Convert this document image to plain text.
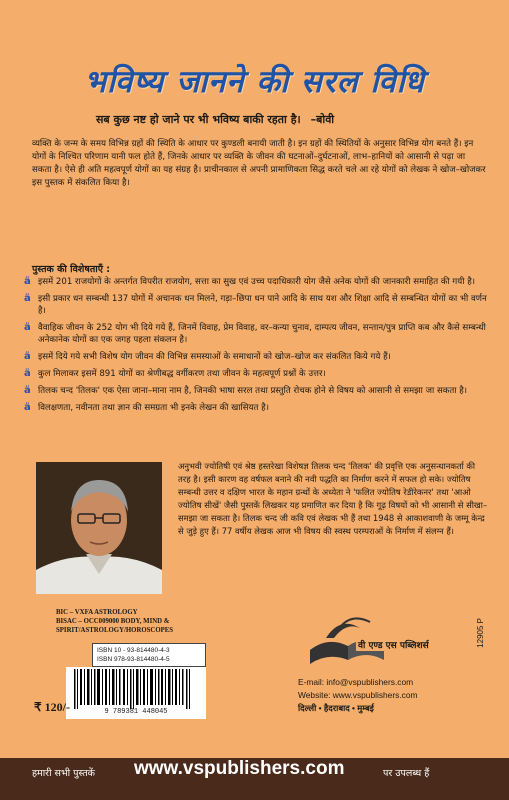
भविष्य जानने की सरल विधि
सब कुछ नष्ट हो जाने पर भी भविष्य बाकी रहता है। –बोवी
व्यक्ति के जन्म के समय विभिन्न ग्रहों की स्थिति के आधार पर कुण्डली बनायी जाती है। इन ग्रहों की स्थितियों के अनुसार विभिन्न योग बनते हैं। इन योगों के निश्चित परिणाम यानी फल होते हैं, जिनके आधार पर व्यक्ति के जीवन की घटनाओं–दुर्घटनाओं, लाभ–हानियों को आसानी से पढ़ा जा सकता है। ऐसे ही अति महत्वपूर्ण योगों का यह संग्रह है। प्राचीनकाल से अपनी प्रामाणिकता सिद्ध करते चले आ रहे योगों को लेखक ने खोज–खोजकर इस पुस्तक में संकलित किया है।
पुस्तक की विशेषताएँ :
ä इसमें 201 राजयोगों के अन्तर्गत विपरीत राजयोग, सत्ता का सुख एवं उच्च पदाधिकारी योग जैसे अनेक योगों की जानकारी समाहित की गयी है।
ä इसी प्रकार धन सम्बन्धी 137 योगों में अचानक धन मिलने, गड़ा–छिपा धन पाने आदि के साथ यश और शिक्षा आदि से सम्बन्धित योगों का भी वर्णन है।
ä वैवाहिक जीवन के 252 योग भी दिये गये हैं, जिनमें विवाह, प्रेम विवाह, वर–कन्या चुनाव, दाम्पत्य जीवन, सन्तान/पुत्र प्राप्ति कब और कैसे सम्बन्धी अनेकानेक योगों का एक जगह पहला संकलन है।
ä इसमें दिये गये सभी विशेष योग जीवन की विभिन्न समस्याओं के समाधानों को खोज–खोज कर संकलित किये गये हैं।
ä कुल मिलाकर इसमें 891 योगों का श्रेणीबद्ध वर्गीकरण तथा जीवन के महत्वपूर्ण प्रश्नों के उत्तर।
ä तिलक चन्द 'तिलक' एक ऐसा जाना–माना नाम है, जिनकी भाषा सरल तथा प्रस्तुति रोचक होने से विषय को आसानी से समझा जा सकता है।
ä विलक्षणता, नवीनता तथा ज्ञान की समग्रता भी इनके लेखन की खासियत है।
अनुभवी ज्योतिषी एवं श्रेष्ठ हस्तरेखा विशेषज्ञ तिलक चन्द 'तिलक' की प्रवृत्ति एक अनुसन्धानकर्ता की तरह है। इसी कारण वह वर्षफल बनाने की नवी पद्धति का निर्माण करने में सफल हो सके। ज्योतिष सम्बन्धी उत्तर व दक्षिण भारत के महान ग्रन्थों के अध्येता ने 'फलित ज्योतिष रेडीरेकनर' तथा 'आओ ज्योतिष सीखें' जैसी पुस्तकें लिखकर यह प्रमाणित कर दिया है कि गूढ़ विषयों को भी आसानी से सीखा–समझा जा सकता है। तिलक चन्द जी कवि एवं लेखक भी हैं तथा 1948 से आकाशवाणी के जम्मू केन्द्र से जुड़े हुए हैं। 77 वर्षीय लेखक आज भी विषय की स्वस्थ परम्पराओं के निर्माण में संलग्न हैं।
BIC – VXFA ASTROLOGY
BISAC – OCC009000 BODY, MIND &
SPIRIT/ASTROLOGY/HOROSCOPES
ISBN 10 - 93-814480-4-3
ISBN 978-93-814480-4-5
9 789381 448045
₹ 120/-
12905 P
वी एण्ड एस पब्लिशर्स
E-mail: info@vspublishers.com
Website: www.vspublishers.com
दिल्ली • हैदराबाद • मुम्बई
हमारी सभी पुस्तकें www.vspublishers.com	पर उपलब्ध हैं
